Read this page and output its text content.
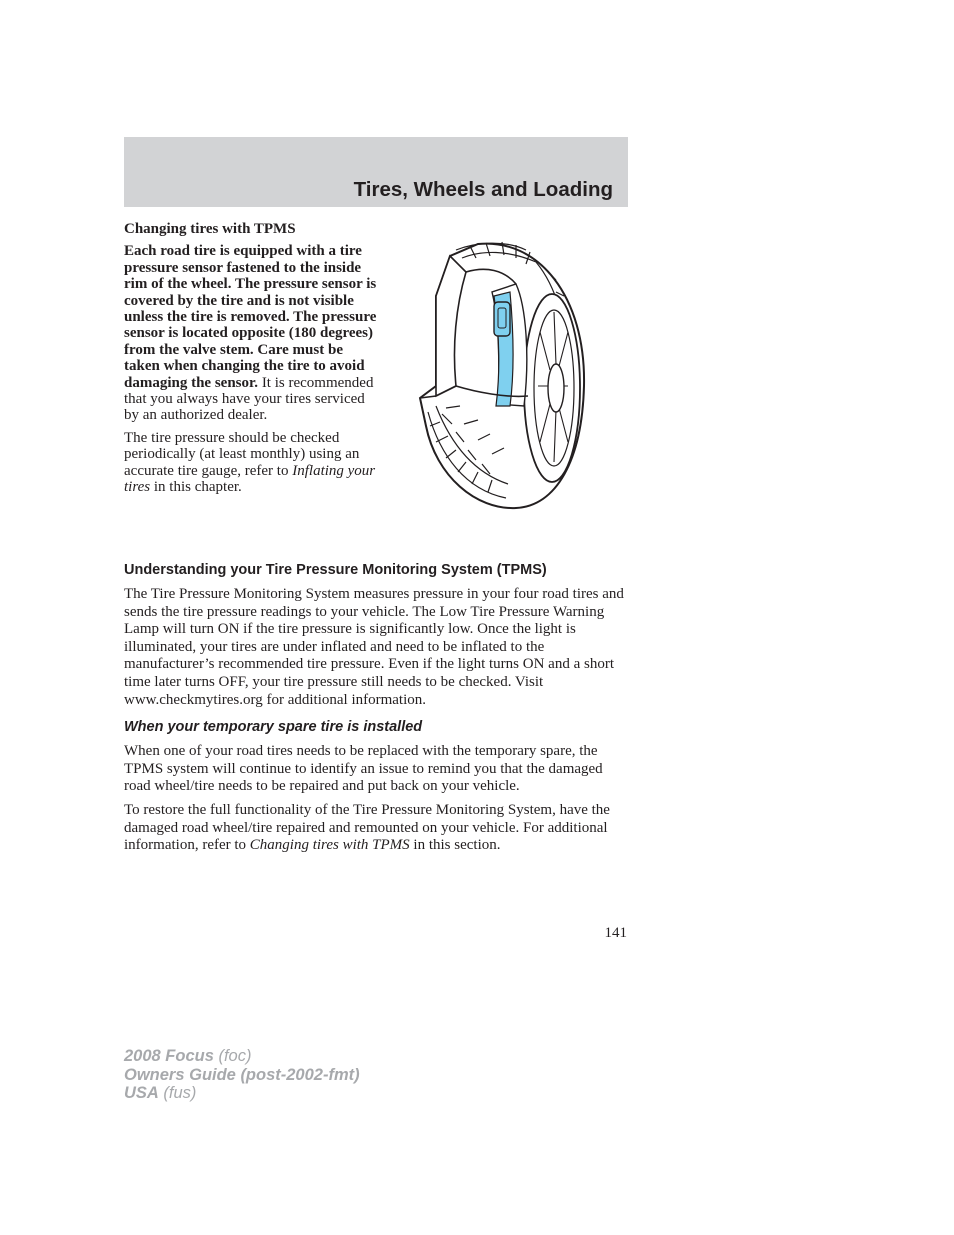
Tires, Wheels and Loading
Changing tires with TPMS

Each road tire is equipped with a tire pressure sensor fastened to the inside rim of the wheel. The pressure sensor is covered by the tire and is not visible unless the tire is removed. The pressure sensor is located opposite (180 degrees) from the valve stem. Care must be taken when changing the tire to avoid damaging the sensor. It is recommended that you always have your tires serviced by an authorized dealer.

The tire pressure should be checked periodically (at least monthly) using an accurate tire gauge, refer to Inflating your tires in this chapter.

Understanding your Tire Pressure Monitoring System (TPMS)

The Tire Pressure Monitoring System measures pressure in your four road tires and sends the tire pressure readings to your vehicle. The Low Tire Pressure Warning Lamp will turn ON if the tire pressure is significantly low. Once the light is illuminated, your tires are under inflated and need to be inflated to the manufacturer’s recommended tire pressure. Even if the light turns ON and a short time later turns OFF, your tire pressure still needs to be checked. Visit www.checkmytires.org for additional information.

When your temporary spare tire is installed

When one of your road tires needs to be replaced with the temporary spare, the TPMS system will continue to identify an issue to remind you that the damaged road wheel/tire needs to be repaired and put back on your vehicle.

To restore the full functionality of the Tire Pressure Monitoring System, have the damaged road wheel/tire repaired and remounted on your vehicle. For additional information, refer to Changing tires with TPMS in this section.

141
2008 Focus (foc)
Owners Guide (post-2002-fmt)
USA (fus)
